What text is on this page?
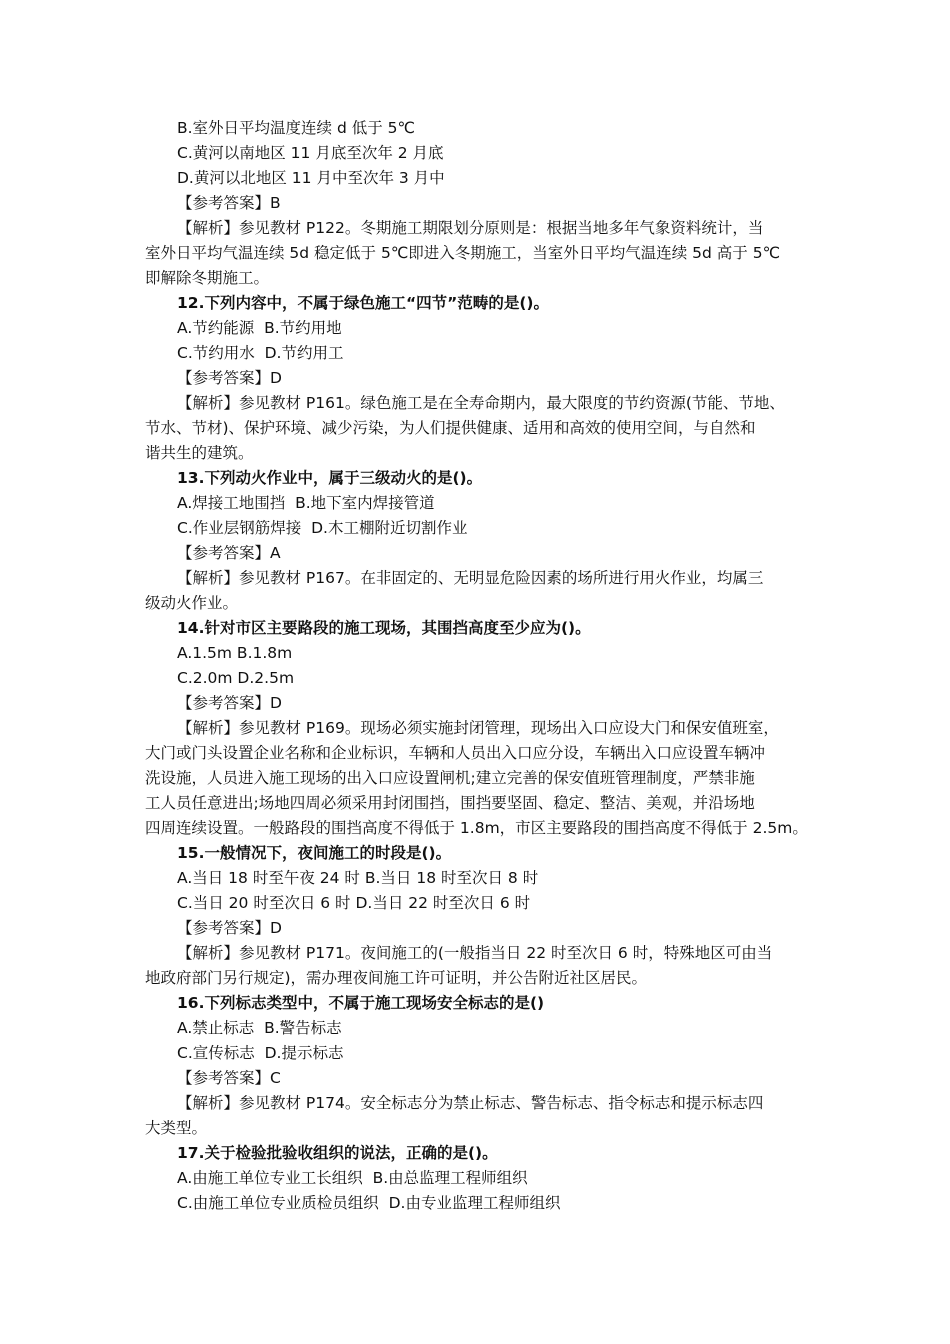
B.室外日平均温度连续 d 低于 5℃

C.黄河以南地区 11 月底至次年 2 月底

D.黄河以北地区 11 月中至次年 3 月中

【参考答案】B

【解析】参见教材 P122。冬期施工期限划分原则是：根据当地多年气象资料统计，当

室外日平均气温连续 5d 稳定低于 5℃即进入冬期施工，当室外日平均气温连续 5d 高于 5℃

即解除冬期施工。

12.下列内容中，不属于绿色施工“四节”范畴的是()。

A.节约能源  B.节约用地

C.节约用水  D.节约用工

【参考答案】D

【解析】参见教材 P161。绿色施工是在全寿命期内，最大限度的节约资源(节能、节地、

节水、节材)、保护环境、减少污染，为人们提供健康、适用和高效的使用空间，与自然和

谐共生的建筑。

13.下列动火作业中，属于三级动火的是()。

A.焊接工地围挡  B.地下室内焊接管道

C.作业层钢筋焊接  D.木工棚附近切割作业

【参考答案】A

【解析】参见教材 P167。在非固定的、无明显危险因素的场所进行用火作业，均属三

级动火作业。

14.针对市区主要路段的施工现场，其围挡高度至少应为()。

A.1.5m B.1.8m

C.2.0m D.2.5m

【参考答案】D

【解析】参见教材 P169。现场必须实施封闭管理，现场出入口应设大门和保安值班室，

大门或门头设置企业名称和企业标识，车辆和人员出入口应分设，车辆出入口应设置车辆冲

洗设施，人员进入施工现场的出入口应设置闸机;建立完善的保安值班管理制度，严禁非施

工人员任意进出;场地四周必须采用封闭围挡，围挡要坚固、稳定、整洁、美观，并沿场地

四周连续设置。一般路段的围挡高度不得低于 1.8m，市区主要路段的围挡高度不得低于 2.5m。

15.一般情况下，夜间施工的时段是()。

A.当日 18 时至午夜 24 时 B.当日 18 时至次日 8 时

C.当日 20 时至次日 6 时 D.当日 22 时至次日 6 时

【参考答案】D

【解析】参见教材 P171。夜间施工的(一般指当日 22 时至次日 6 时，特殊地区可由当

地政府部门另行规定)，需办理夜间施工许可证明，并公告附近社区居民。

16.下列标志类型中，不属于施工现场安全标志的是()

A.禁止标志  B.警告标志

C.宣传标志  D.提示标志

【参考答案】C

【解析】参见教材 P174。安全标志分为禁止标志、警告标志、指令标志和提示标志四

大类型。

17.关于检验批验收组织的说法，正确的是()。

A.由施工单位专业工长组织  B.由总监理工程师组织

C.由施工单位专业质检员组织  D.由专业监理工程师组织
